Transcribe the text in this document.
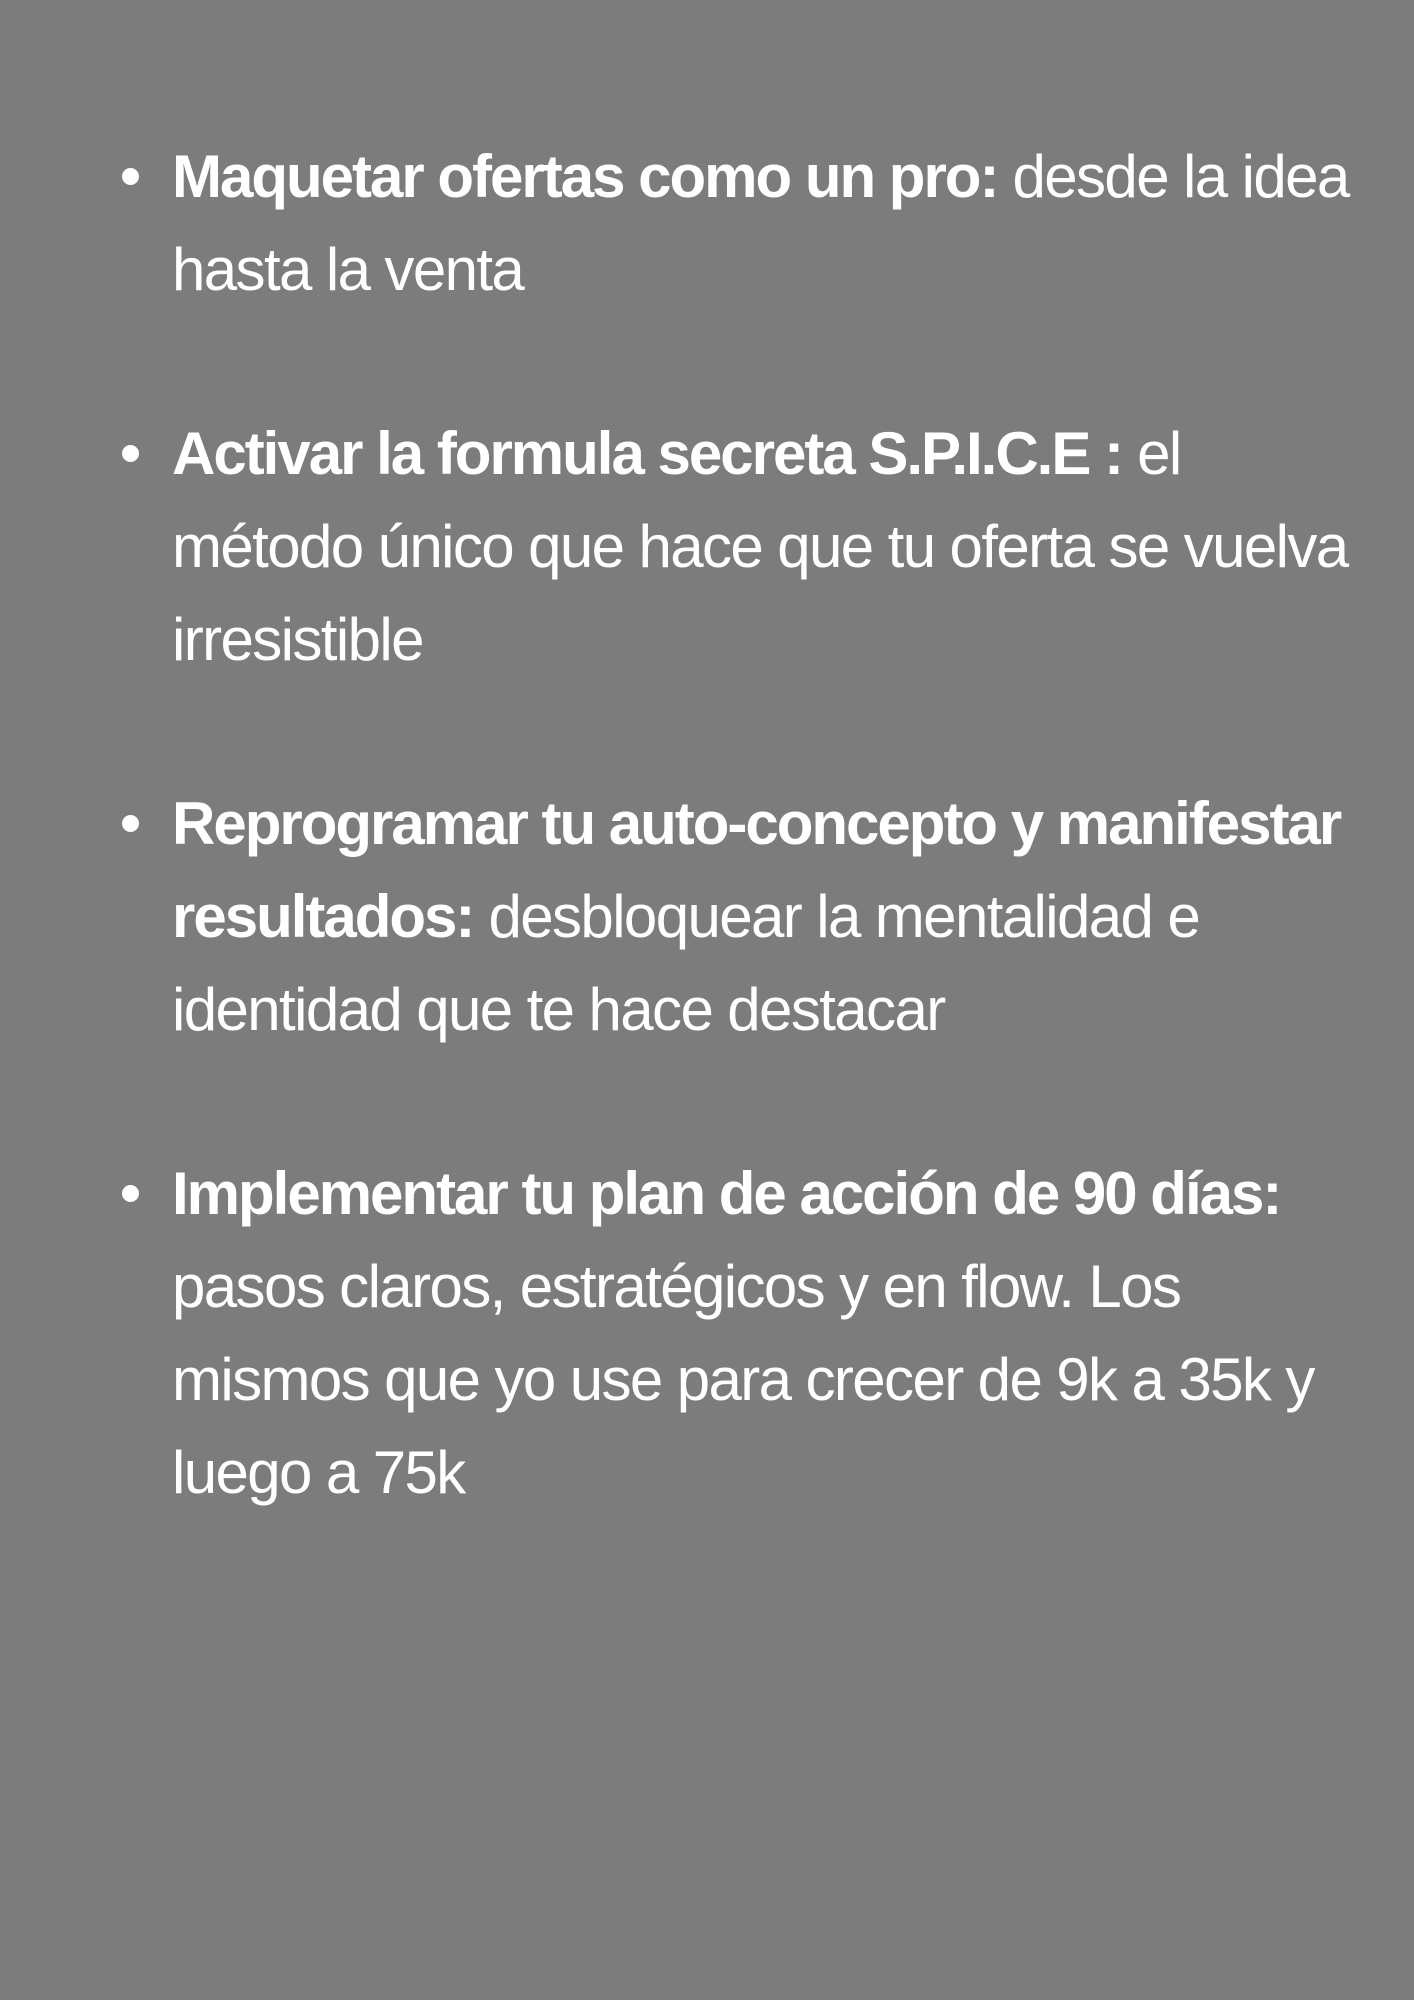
Maquetar ofertas como un pro: desde la idea hasta la venta
Activar la formula secreta S.P.I.C.E : el método único que hace que tu oferta se vuelva irresistible
Reprogramar tu auto-concepto y manifestar resultados: desbloquear la mentalidad e identidad que te hace destacar
Implementar tu plan de acción de 90 días: pasos claros, estratégicos y en flow. Los mismos que yo use para crecer de 9k a 35k y luego a 75k
